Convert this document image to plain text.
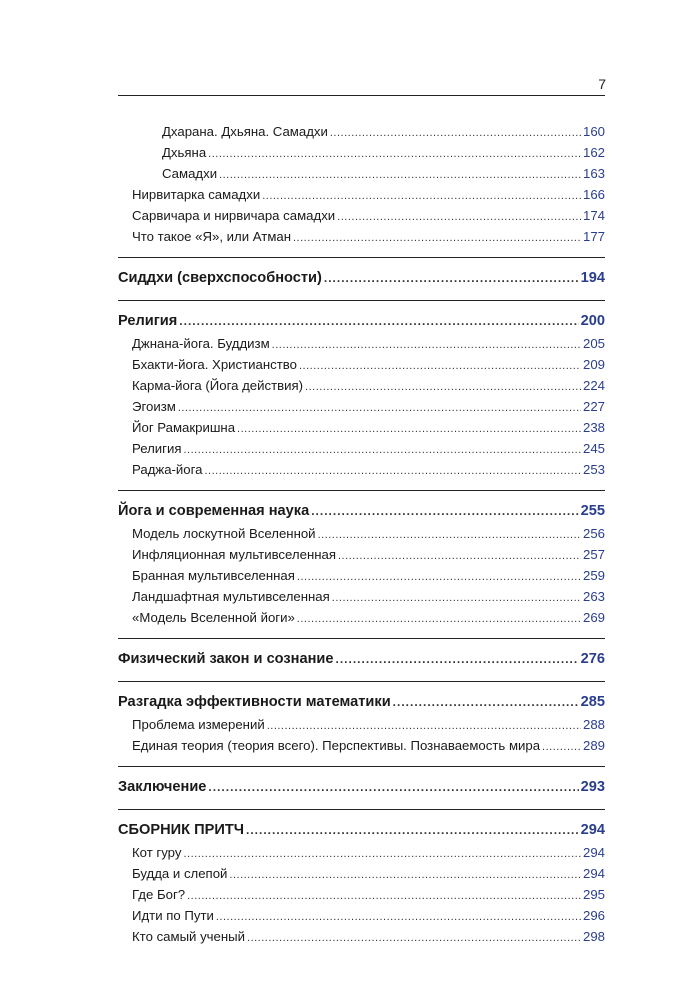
7
Дхарана. Дхьяна. Самадхи .....	160
Дхьяна .....	162
Самадхи .....	163
Нирвитарка самадхи .....	166
Сарвичара и нирвичара самадхи .....	174
Что такое «Я», или Атман .....	177
Сиддхи (сверхспособности) .....	194
Религия .....	200
Джнана-йога. Буддизм .....	205
Бхакти-йога. Христианство .....	209
Карма-йога (Йога действия) .....	224
Эгоизм .....	227
Йог Рамакришна .....	238
Религия .....	245
Раджа-йога .....	253
Йога и современная наука .....	255
Модель лоскутной Вселенной .....	256
Инфляционная мультивселенная .....	257
Бранная мультивселенная .....	259
Ландшафтная мультивселенная .....	263
«Модель Вселенной йоги» .....	269
Физический закон и сознание .....	276
Разгадка эффективности математики .....	285
Проблема измерений .....	288
Единая теория (теория всего). Перспективы. Познаваемость мира .....	289
Заключение .....	293
СБОРНИК ПРИТЧ .....	294
Кот гуру .....	294
Будда и слепой .....	294
Где Бог? .....	295
Идти по Пути .....	296
Кто самый ученый .....	298
